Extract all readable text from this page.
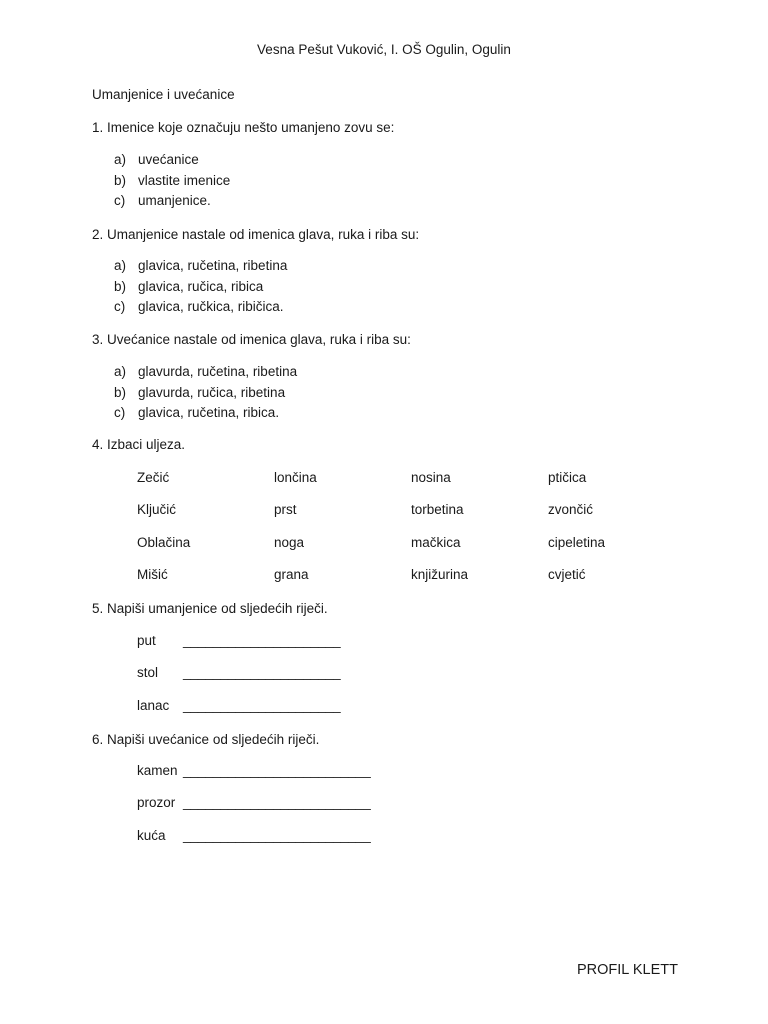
Vesna Pešut Vuković, I. OŠ Ogulin, Ogulin
Umanjenice i uvećanice
1. Imenice koje označuju nešto umanjeno zovu se:
a) uvećanice
b) vlastite imenice
c) umanjenice.
2. Umanjenice nastale od imenica glava, ruka i riba su:
a) glavica, ručetina, ribetina
b) glavica, ručica, ribica
c) glavica, ručkica, ribičica.
3. Uvećanice nastale od imenica glava, ruka i riba su:
a) glavurda, ručetina, ribetina
b) glavurda, ručica, ribetina
c) glavica, ručetina, ribica.
4. Izbaci uljeza.
Zečić	lončina	nosina	ptičica
Ključić	prst	torbetina	zvončić
Oblačina	noga	mačkica	cipeletina
Mišić	grana	knjižurina	cvjetić
5. Napiši umanjenice od sljedećih riječi.
put _____________________
stol _____________________
lanac _____________________
6. Napiši uvećanice od sljedećih riječi.
kamen _________________________
prozor _________________________
kuća _________________________
PROFIL KLETT
